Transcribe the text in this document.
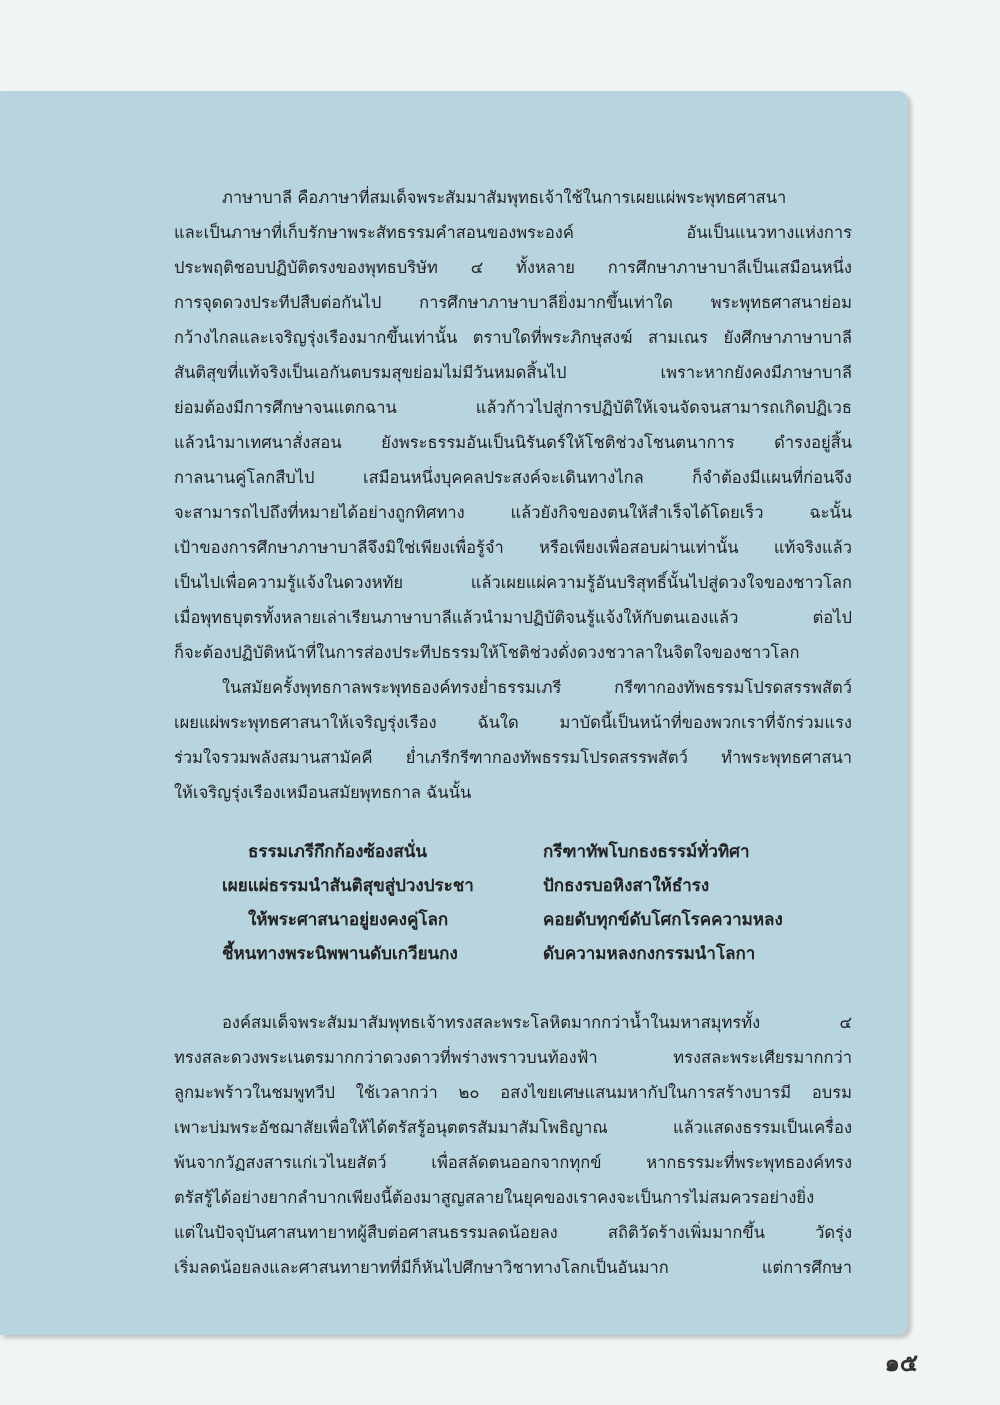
ภาษาบาลี คือภาษาที่สมเด็จพระสัมมาสัมพุทธเจ้าใช้ในการเผยแผ่พระพุทธศาสนา
และเป็นภาษาที่เก็บรักษาพระสัทธรรมคำสอนของพระองค์ อันเป็นแนวทางแห่งการ
ประพฤติชอบปฏิบัติตรงของพุทธบริษัท ๔ ทั้งหลาย การศึกษาภาษาบาลีเป็นเสมือนหนึ่ง
การจุดดวงประทีปสืบต่อกันไป การศึกษาภาษาบาลียิ่งมากขึ้นเท่าใด พระพุทธศาสนาย่อม
กว้างไกลและเจริญรุ่งเรืองมากขึ้นเท่านั้น ตราบใดที่พระภิกษุสงฆ์ สามเณร ยังศึกษาภาษาบาลี
สันติสุขที่แท้จริงเป็นเอกันตบรมสุขย่อมไม่มีวันหมดสิ้นไป เพราะหากยังคงมีภาษาบาลี
ย่อมต้องมีการศึกษาจนแตกฉาน แล้วก้าวไปสู่การปฏิบัติให้เจนจัดจนสามารถเกิดปฏิเวธ
แล้วนำมาเทศนาสั่งสอน ยังพระธรรมอันเป็นนิรันดร์ให้โชติช่วงโชนตนาการ ดำรงอยู่สิ้น
กาลนานคู่โลกสืบไป เสมือนหนึ่งบุคคลประสงค์จะเดินทางไกล ก็จำต้องมีแผนที่ก่อนจึง
จะสามารถไปถึงที่หมายได้อย่างถูกทิศทาง แล้วยังกิจของตนให้สำเร็จได้โดยเร็ว ฉะนั้น
เป้าของการศึกษาภาษาบาลีจึงมิใช่เพียงเพื่อรู้จำ หรือเพียงเพื่อสอบผ่านเท่านั้น แท้จริงแล้ว
เป็นไปเพื่อความรู้แจ้งในดวงหทัย แล้วเผยแผ่ความรู้อันบริสุทธิ์นั้นไปสู่ดวงใจของชาวโลก
เมื่อพุทธบุตรทั้งหลายเล่าเรียนภาษาบาลีแล้วนำมาปฏิบัติจนรู้แจ้งให้กับตนเองแล้ว ต่อไป
ก็จะต้องปฏิบัติหน้าที่ในการส่องประทีปธรรมให้โชติช่วงดั่งดวงชวาลาในจิตใจของชาวโลก
ในสมัยครั้งพุทธกาลพระพุทธองค์ทรงย่ำธรรมเภรี กรีฑากองทัพธรรมโปรดสรรพสัตว์
เผยแผ่พระพุทธศาสนาให้เจริญรุ่งเรือง ฉันใด มาบัดนี้เป็นหน้าที่ของพวกเราที่จักร่วมแรง
ร่วมใจรวมพลังสมานสามัคคี ย่ำเภรีกรีฑากองทัพธรรมโปรดสรรพสัตว์ ทำพระพุทธศาสนา
ให้เจริญรุ่งเรืองเหมือนสมัยพุทธกาล ฉันนั้น
ธรรมเภรีกึกก้องซ้องสนั่น	กรีฑาทัพโบกธงธรรม์ทั่วทิศา
เผยแผ่ธรรมนำสันติสุขสู่ปวงประชา	ปักธงรบอหิงสาให้ธำรง
ให้พระศาสนาอยู่ยงคงคู่โลก	คอยดับทุกข์ดับโศกโรคความหลง
ชี้หนทางพระนิพพานดับเกวียนกง	ดับความหลงกงกรรมนำโลกา
องค์สมเด็จพระสัมมาสัมพุทธเจ้าทรงสละพระโลหิตมากกว่าน้ำในมหาสมุทรทั้ง ๔
ทรงสละดวงพระเนตรมากกว่าดวงดาวที่พร่างพราวบนท้องฟ้า ทรงสละพระเศียรมากกว่า
ลูกมะพร้าวในชมพูทวีป ใช้เวลากว่า ๒๐ อสงไขยเศษแสนมหากัปในการสร้างบารมี อบรม
เพาะบ่มพระอัชฌาสัยเพื่อให้ได้ตรัสรู้อนุตตรสัมมาสัมโพธิญาณ แล้วแสดงธรรมเป็นเครื่อง
พ้นจากวัฏสงสารแก่เวไนยสัตว์ เพื่อสลัดตนออกจากทุกข์ หากธรรมะที่พระพุทธองค์ทรง
ตรัสรู้ได้อย่างยากลำบากเพียงนี้ต้องมาสูญสลายในยุคของเราคงจะเป็นการไม่สมควรอย่างยิ่ง
แต่ในปัจจุบันศาสนทายาทผู้สืบต่อศาสนธรรมลดน้อยลง สถิติวัดร้างเพิ่มมากขึ้น วัดรุ่ง
เริ่มลดน้อยลงและศาสนทายาทที่มีก็หันไปศึกษาวิชาทางโลกเป็นอันมาก แต่การศึกษา
๑๕
